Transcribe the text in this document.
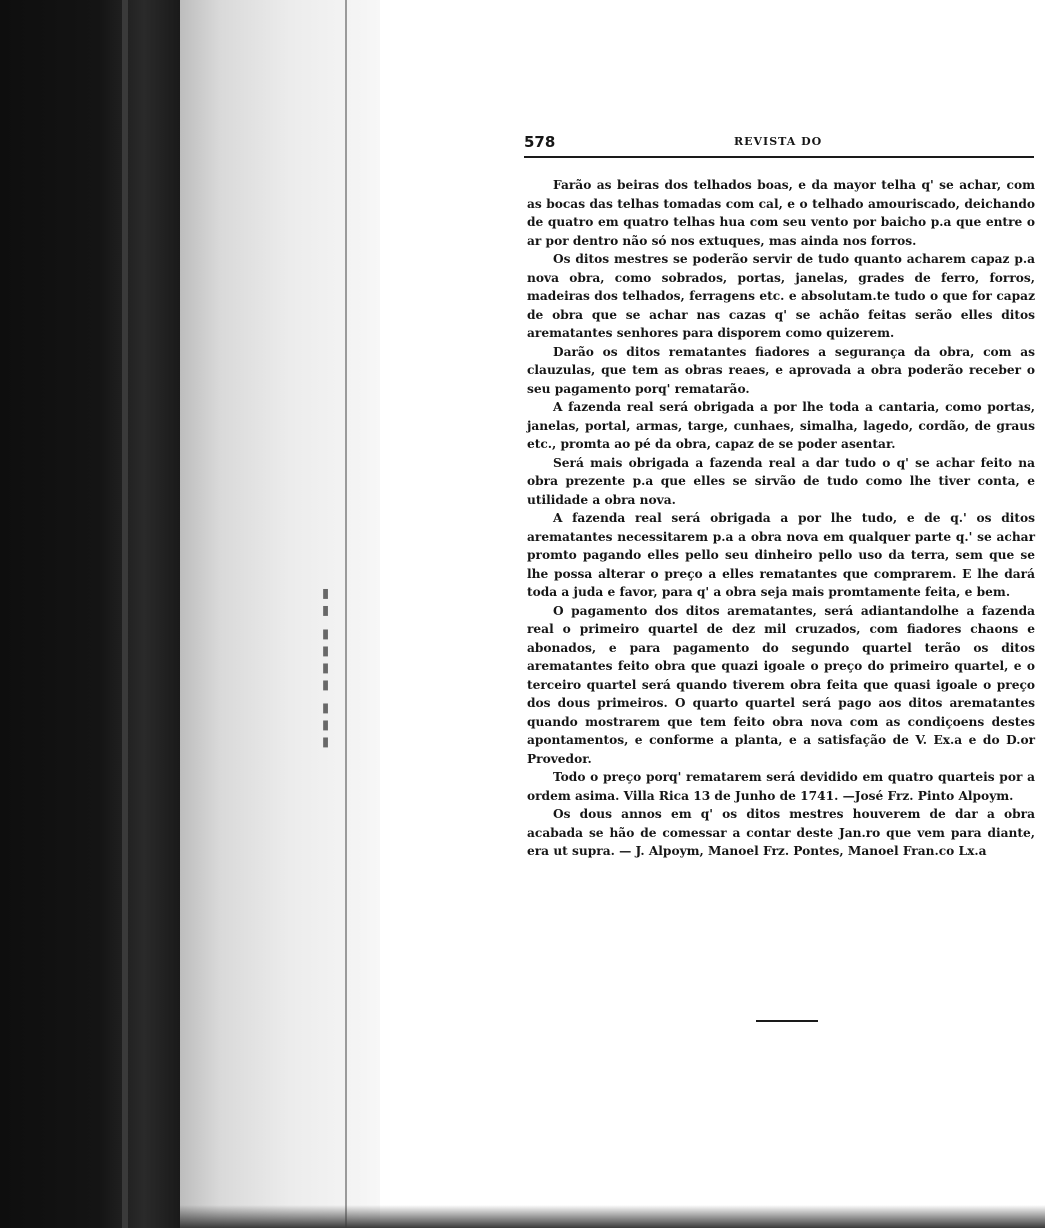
▮▮▮ ▮▮▮▮ ▮▮
578	REVISTA DO

Farão as beiras dos telhados boas, e da mayor telha q' se achar, com as bocas das telhas tomadas com cal, e o telhado amouriscado, deichando de quatro em quatro telhas hua com seu vento por baicho p.a que entre o ar por dentro não só nos extuques, mas ainda nos forros.

Os ditos mestres se poderão servir de tudo quanto acharem capaz p.a nova obra, como sobrados, portas, janelas, grades de ferro, forros, madeiras dos telhados, ferragens etc. e absolutam.te tudo o que for capaz de obra que se achar nas cazas q' se achão feitas serão elles ditos arematantes senhores para disporem como quizerem.

Darão os ditos rematantes fiadores a segurança da obra, com as clauzulas, que tem as obras reaes, e aprovada a obra poderão receber o seu pagamento porq' rematarão.

A fazenda real será obrigada a por lhe toda a cantaria, como portas, janelas, portal, armas, targe, cunhaes, simalha, lagedo, cordão, de graus etc., promta ao pé da obra, capaz de se poder asentar.

Será mais obrigada a fazenda real a dar tudo o q' se achar feito na obra prezente p.a que elles se sirvão de tudo como lhe tiver conta, e utilidade a obra nova.

A fazenda real será obrigada a por lhe tudo, e de q.' os ditos arematantes necessitarem p.a a obra nova em qualquer parte q.' se achar promto pagando elles pello seu dinheiro pello uso da terra, sem que se lhe possa alterar o preço a elles rematantes que comprarem. E lhe dará toda a juda e favor, para q' a obra seja mais promtamente feita, e bem.

O pagamento dos ditos arematantes, será adiantandolhe a fazenda real o primeiro quartel de dez mil cruzados, com fiadores chaons e abonados, e para pagamento do segundo quartel terão os ditos arematantes feito obra que quazi igoale o preço do primeiro quartel, e o terceiro quartel será quando tiverem obra feita que quasi igoale o preço dos dous primeiros. O quarto quartel será pago aos ditos arematantes quando mostrarem que tem feito obra nova com as condiçoens destes apontamentos, e conforme a planta, e a satisfação de V. Ex.a e do D.or Provedor.

Todo o preço porq' rematarem será devidido em quatro quarteis por a ordem asima. Villa Rica 13 de Junho de 1741. —José Frz. Pinto Alpoym.

Os dous annos em q' os ditos mestres houverem de dar a obra acabada se hão de comessar a contar deste Jan.ro que vem para diante, era ut supra. — J. Alpoym, Manoel Frz. Pontes, Manoel Fran.co Lx.a
